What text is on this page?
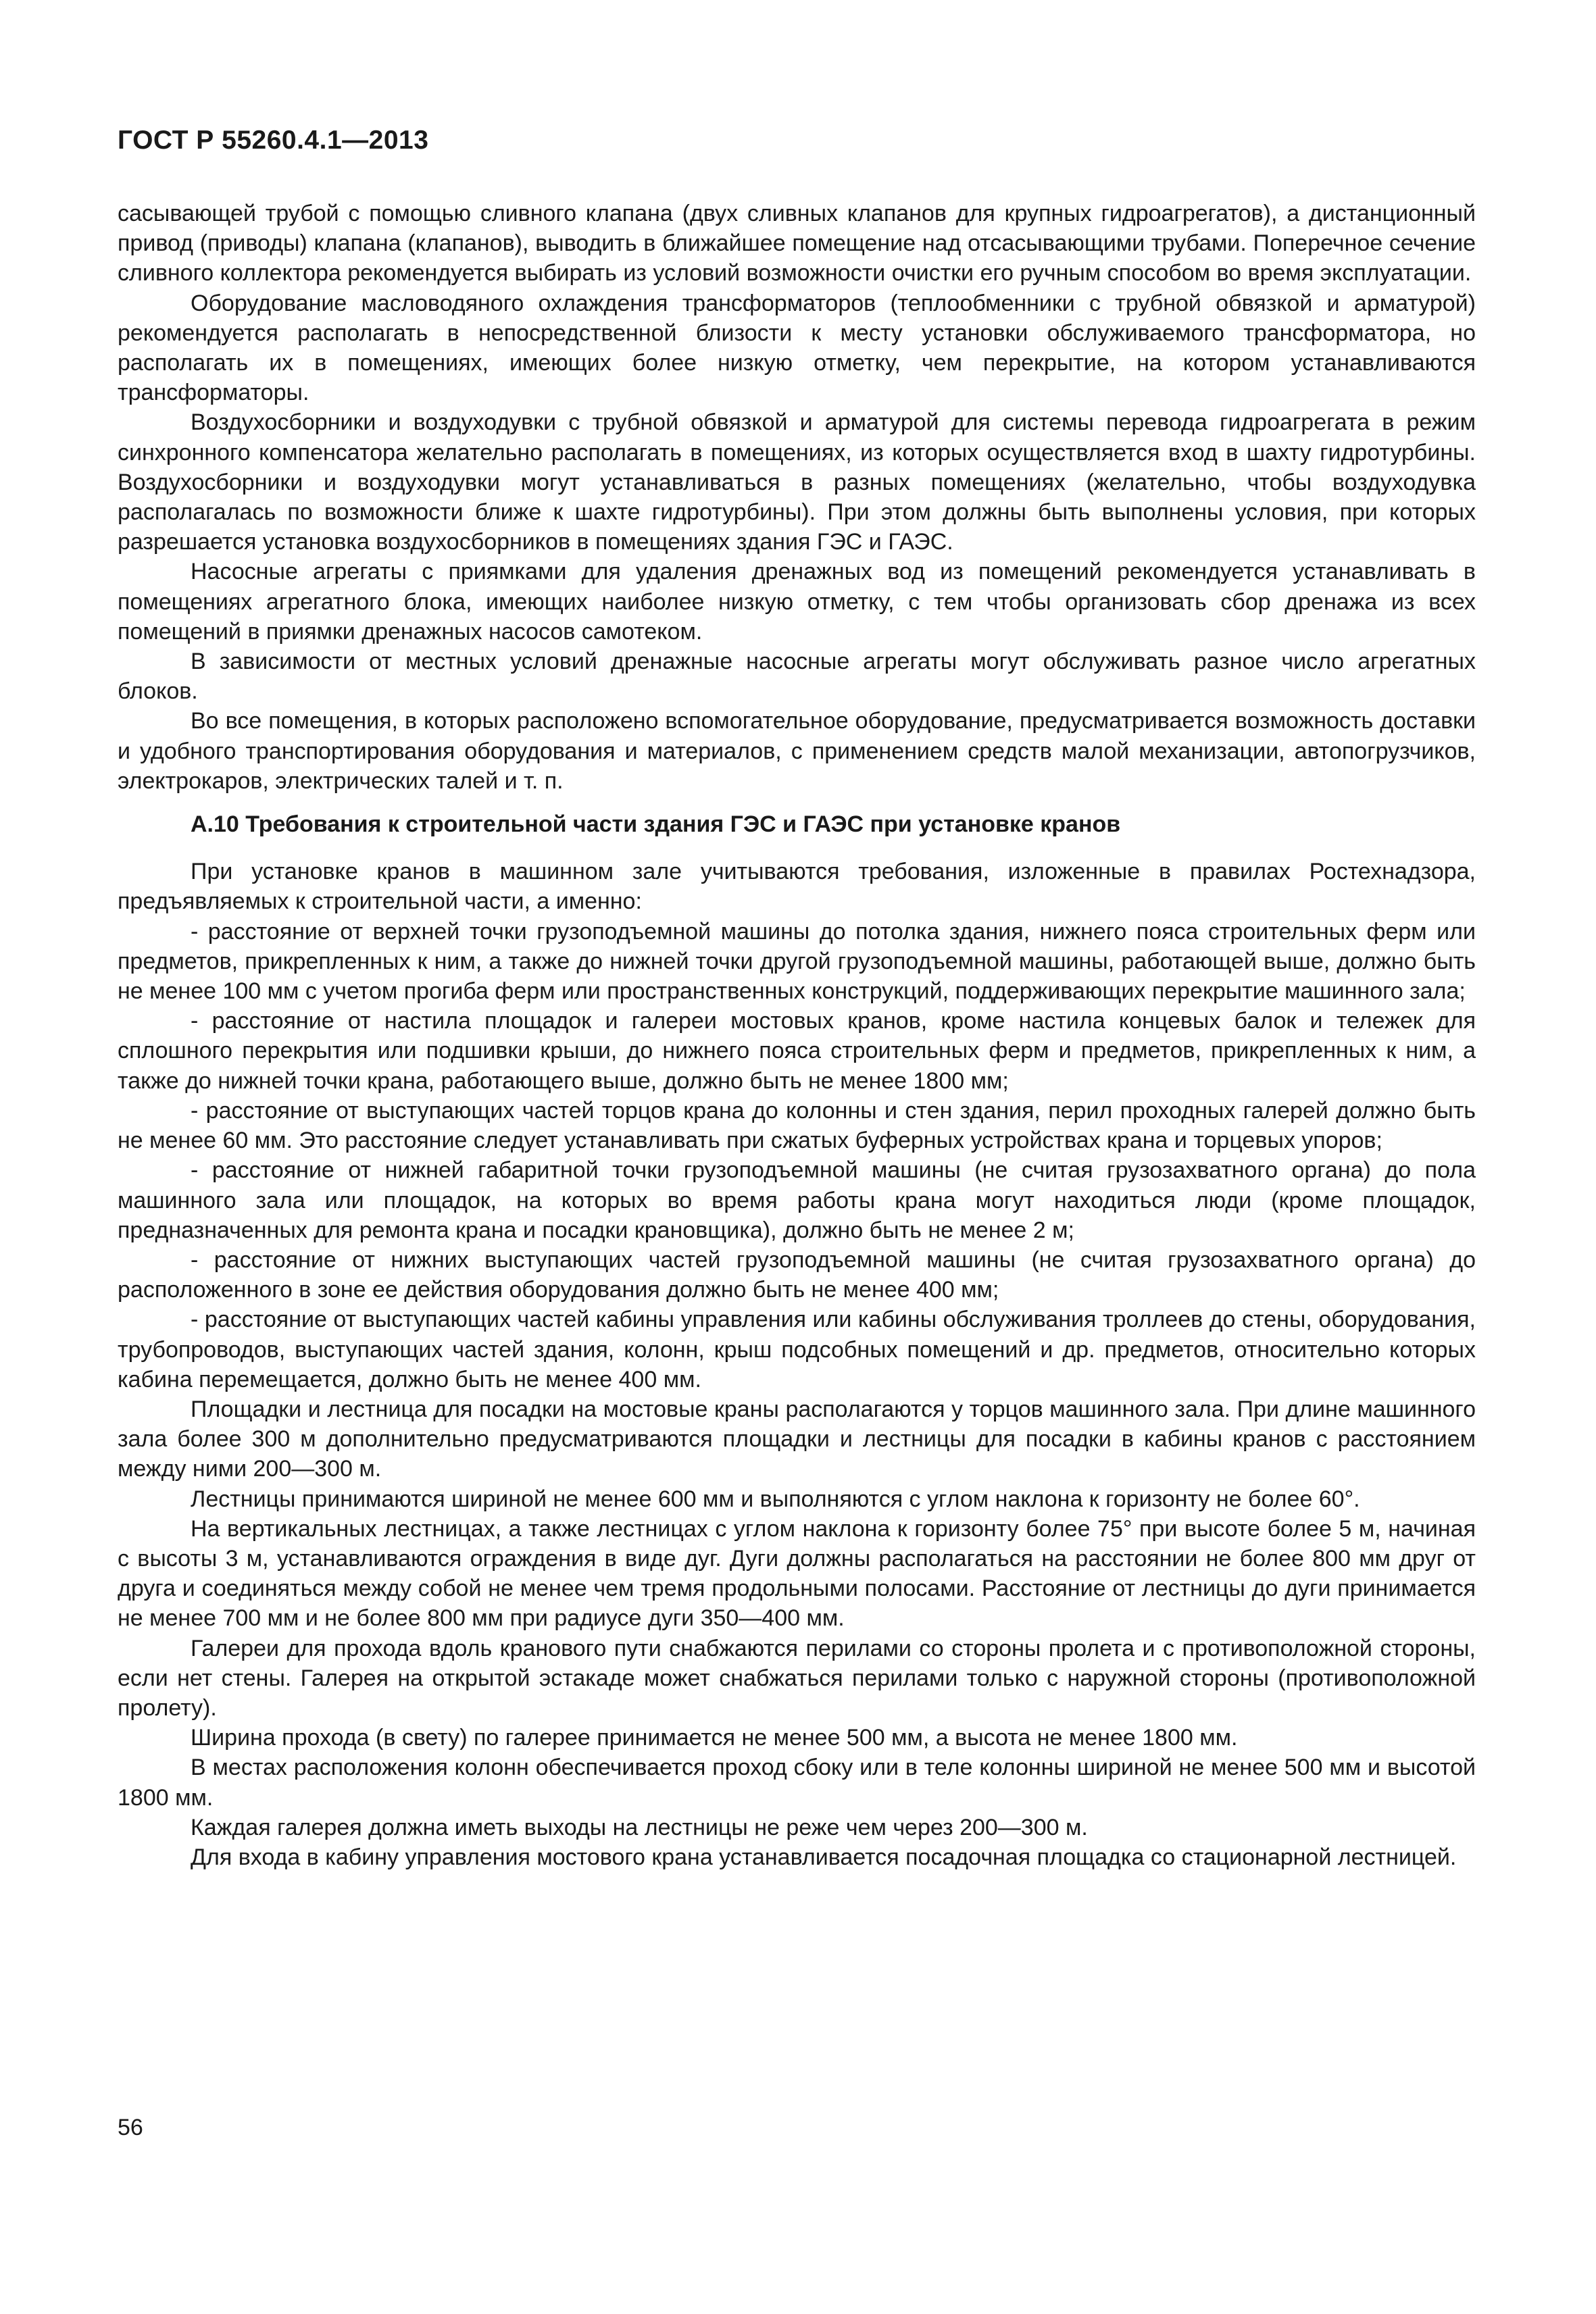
ГОСТ Р 55260.4.1—2013

сасывающей трубой с помощью сливного клапана (двух сливных клапанов для крупных гидроагрегатов), а дистанционный привод (приводы) клапана (клапанов), выводить в ближайшее помещение над отсасывающими трубами. Поперечное сечение сливного коллектора рекомендуется выбирать из условий возможности очистки его ручным способом во время эксплуатации.

Оборудование масловодяного охлаждения трансформаторов (теплообменники с трубной обвязкой и арматурой) рекомендуется располагать в непосредственной близости к месту установки обслуживаемого трансформатора, но располагать их в помещениях, имеющих более низкую отметку, чем перекрытие, на котором устанавливаются трансформаторы.

Воздухосборники и воздуходувки с трубной обвязкой и арматурой для системы перевода гидроагрегата в режим синхронного компенсатора желательно располагать в помещениях, из которых осуществляется вход в шахту гидротурбины. Воздухосборники и воздуходувки могут устанавливаться в разных помещениях (желательно, чтобы воздуходувка располагалась по возможности ближе к шахте гидротурбины). При этом должны быть выполнены условия, при которых разрешается установка воздухосборников в помещениях здания ГЭС и ГАЭС.

Насосные агрегаты с приямками для удаления дренажных вод из помещений рекомендуется устанавливать в помещениях агрегатного блока, имеющих наиболее низкую отметку, с тем чтобы организовать сбор дренажа из всех помещений в приямки дренажных насосов самотеком.

В зависимости от местных условий дренажные насосные агрегаты могут обслуживать разное число агрегатных блоков.

Во все помещения, в которых расположено вспомогательное оборудование, предусматривается возможность доставки и удобного транспортирования оборудования и материалов, с применением средств малой механизации, автопогрузчиков, электрокаров, электрических талей и т. п.

А.10 Требования к строительной части здания ГЭС и ГАЭС при установке кранов

При установке кранов в машинном зале учитываются требования, изложенные в правилах Ростехнадзора, предъявляемых к строительной части, а именно:

- расстояние от верхней точки грузоподъемной машины до потолка здания, нижнего пояса строительных ферм или предметов, прикрепленных к ним, а также до нижней точки другой грузоподъемной машины, работающей выше, должно быть не менее 100 мм с учетом прогиба ферм или пространственных конструкций, поддерживающих перекрытие машинного зала;

- расстояние от настила площадок и галереи мостовых кранов, кроме настила концевых балок и тележек для сплошного перекрытия или подшивки крыши, до нижнего пояса строительных ферм и предметов, прикрепленных к ним, а также до нижней точки крана, работающего выше, должно быть не менее 1800 мм;

- расстояние от выступающих частей торцов крана до колонны и стен здания, перил проходных галерей должно быть не менее 60 мм. Это расстояние следует устанавливать при сжатых буферных устройствах крана и торцевых упоров;

- расстояние от нижней габаритной точки грузоподъемной машины (не считая грузозахватного органа) до пола машинного зала или площадок, на которых во время работы крана могут находиться люди (кроме площадок, предназначенных для ремонта крана и посадки крановщика), должно быть не менее 2 м;

- расстояние от нижних выступающих частей грузоподъемной машины (не считая грузозахватного органа) до расположенного в зоне ее действия оборудования должно быть не менее 400 мм;

- расстояние от выступающих частей кабины управления или кабины обслуживания троллеев до стены, оборудования, трубопроводов, выступающих частей здания, колонн, крыш подсобных помещений и др. предметов, относительно которых кабина перемещается, должно быть не менее 400 мм.

Площадки и лестница для посадки на мостовые краны располагаются у торцов машинного зала. При длине машинного зала более 300 м дополнительно предусматриваются площадки и лестницы для посадки в кабины кранов с расстоянием между ними 200—300 м.

Лестницы принимаются шириной не менее 600 мм и выполняются с углом наклона к горизонту не более 60°.

На вертикальных лестницах, а также лестницах с углом наклона к горизонту более 75° при высоте более 5 м, начиная с высоты 3 м, устанавливаются ограждения в виде дуг. Дуги должны располагаться на расстоянии не более 800 мм друг от друга и соединяться между собой не менее чем тремя продольными полосами. Расстояние от лестницы до дуги принимается не менее 700 мм и не более 800 мм при радиусе дуги 350—400 мм.

Галереи для прохода вдоль кранового пути снабжаются перилами со стороны пролета и с противоположной стороны, если нет стены. Галерея на открытой эстакаде может снабжаться перилами только с наружной стороны (противоположной пролету).

Ширина прохода (в свету) по галерее принимается не менее 500 мм, а высота не менее 1800 мм.

В местах расположения колонн обеспечивается проход сбоку или в теле колонны шириной не менее 500 мм и высотой 1800 мм.

Каждая галерея должна иметь выходы на лестницы не реже чем через 200—300 м.

Для входа в кабину управления мостового крана устанавливается посадочная площадка со стационарной лестницей.

56
